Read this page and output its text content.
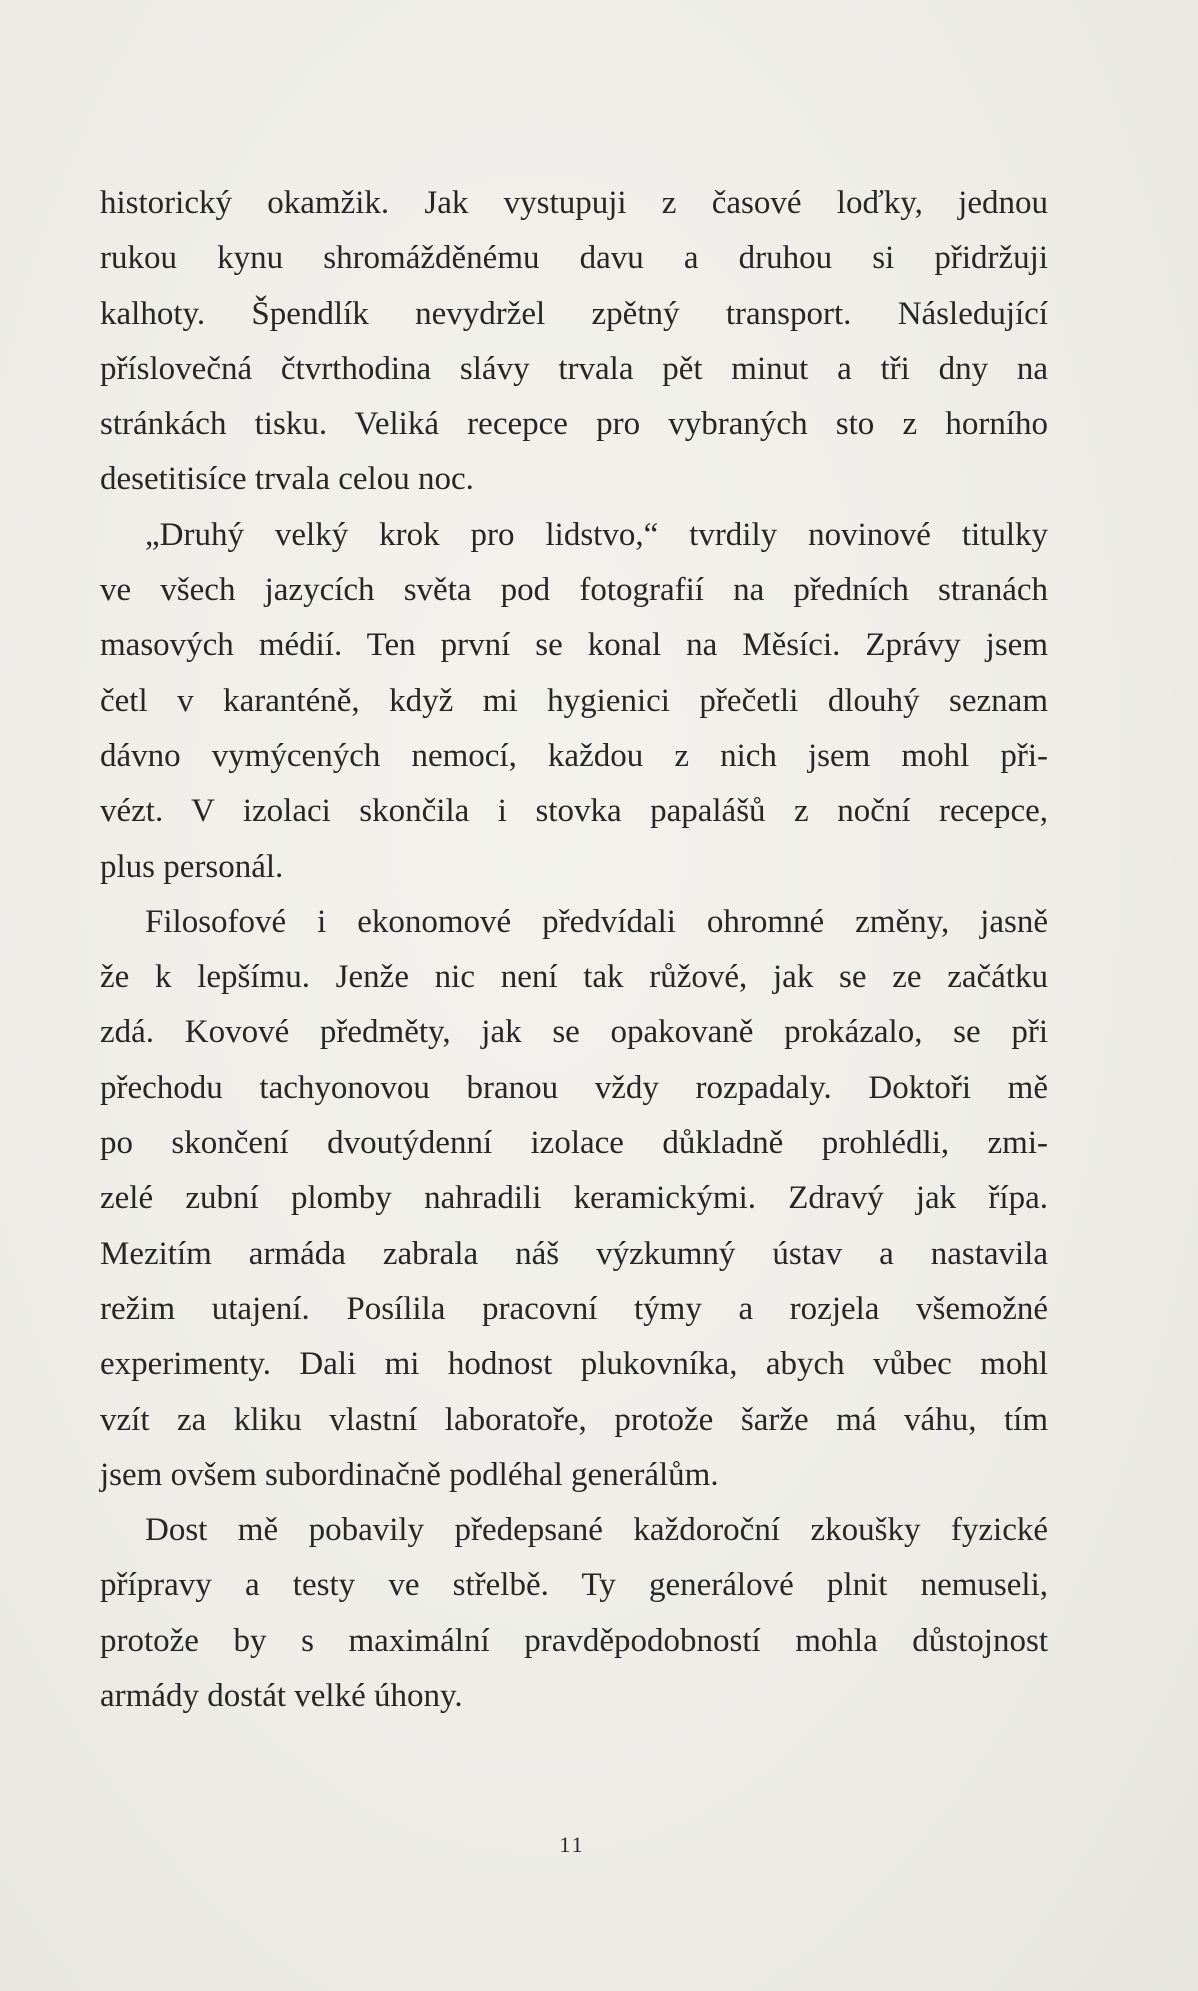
historický okamžik. Jak vystupuji z časové loďky, jednou
rukou kynu shromážděnému davu a druhou si přidržuji
kalhoty. Špendlík nevydržel zpětný transport. Následující
příslovečná čtvrthodina slávy trvala pět minut a tři dny na
stránkách tisku. Veliká recepce pro vybraných sto z horního
desetitisíce trvala celou noc.

„Druhý velký krok pro lidstvo,“ tvrdily novinové titulky
ve všech jazycích světa pod fotografií na předních stranách
masových médií. Ten první se konal na Měsíci. Zprávy jsem
četl v karanténě, když mi hygienici přečetli dlouhý seznam
dávno vymýcených nemocí, každou z nich jsem mohl při-
vézt. V izolaci skončila i stovka papalášů z noční recepce,
plus personál.

Filosofové i ekonomové předvídali ohromné změny, jasně
že k lepšímu. Jenže nic není tak růžové, jak se ze začátku
zdá. Kovové předměty, jak se opakovaně prokázalo, se při
přechodu tachyonovou branou vždy rozpadaly. Doktoři mě
po skončení dvoutýdenní izolace důkladně prohlédli, zmi-
zelé zubní plomby nahradili keramickými. Zdravý jak řípa.
Mezitím armáda zabrala náš výzkumný ústav a nastavila
režim utajení. Posílila pracovní týmy a rozjela všemožné
experimenty. Dali mi hodnost plukovníka, abych vůbec mohl
vzít za kliku vlastní laboratoře, protože šarže má váhu, tím
jsem ovšem subordinačně podléhal generálům.

Dost mě pobavily předepsané každoroční zkoušky fyzické
přípravy a testy ve střelbě. Ty generálové plnit nemuseli,
protože by s maximální pravděpodobností mohla důstojnost
armády dostát velké úhony.

11
